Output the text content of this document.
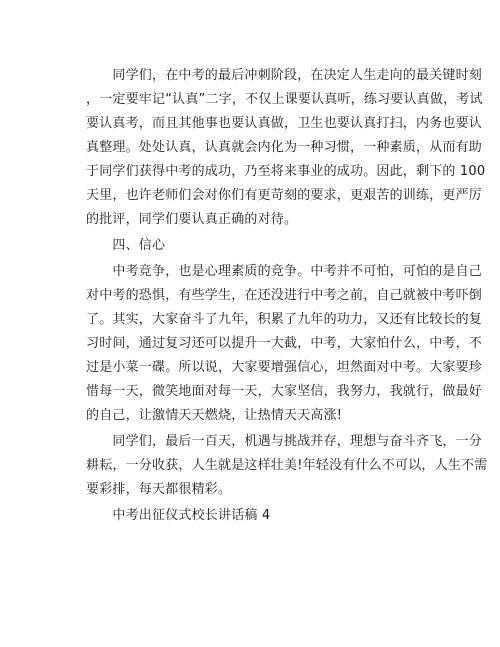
　　同学们，在中考的最后冲刺阶段，在决定人生走向的最关键时刻
，一定要牢记“认真”二字，不仅上课要认真听，练习要认真做，考试
要认真考，而且其他事也要认真做，卫生也要认真打扫，内务也要认
真整理。处处认真，认真就会内化为一种习惯，一种素质，从而有助
于同学们获得中考的成功，乃至将来事业的成功。因此，剩下的 100
天里，也许老师们会对你们有更苛刻的要求，更艰苦的训练，更严厉
的批评，同学们要认真正确的对待。
　　四、信心
　　中考竞争，也是心理素质的竞争。中考并不可怕，可怕的是自己
对中考的恐惧，有些学生，在还没进行中考之前，自己就被中考吓倒
了。其实，大家奋斗了九年，积累了九年的功力，又还有比较长的复
习时间，通过复习还可以提升一大截，中考，大家怕什么，中考，不
过是小菜一碟。所以说，大家要增强信心，坦然面对中考。大家要珍
惜每一天，微笑地面对每一天，大家坚信，我努力，我就行，做最好
的自己，让激情天天燃烧，让热情天天高涨!
　　同学们，最后一百天，机遇与挑战并存，理想与奋斗齐飞，一分
耕耘，一分收获，人生就是这样壮美!年轻没有什么不可以，人生不需
要彩排，每天都很精彩。
　　中考出征仪式校长讲话稿 4
